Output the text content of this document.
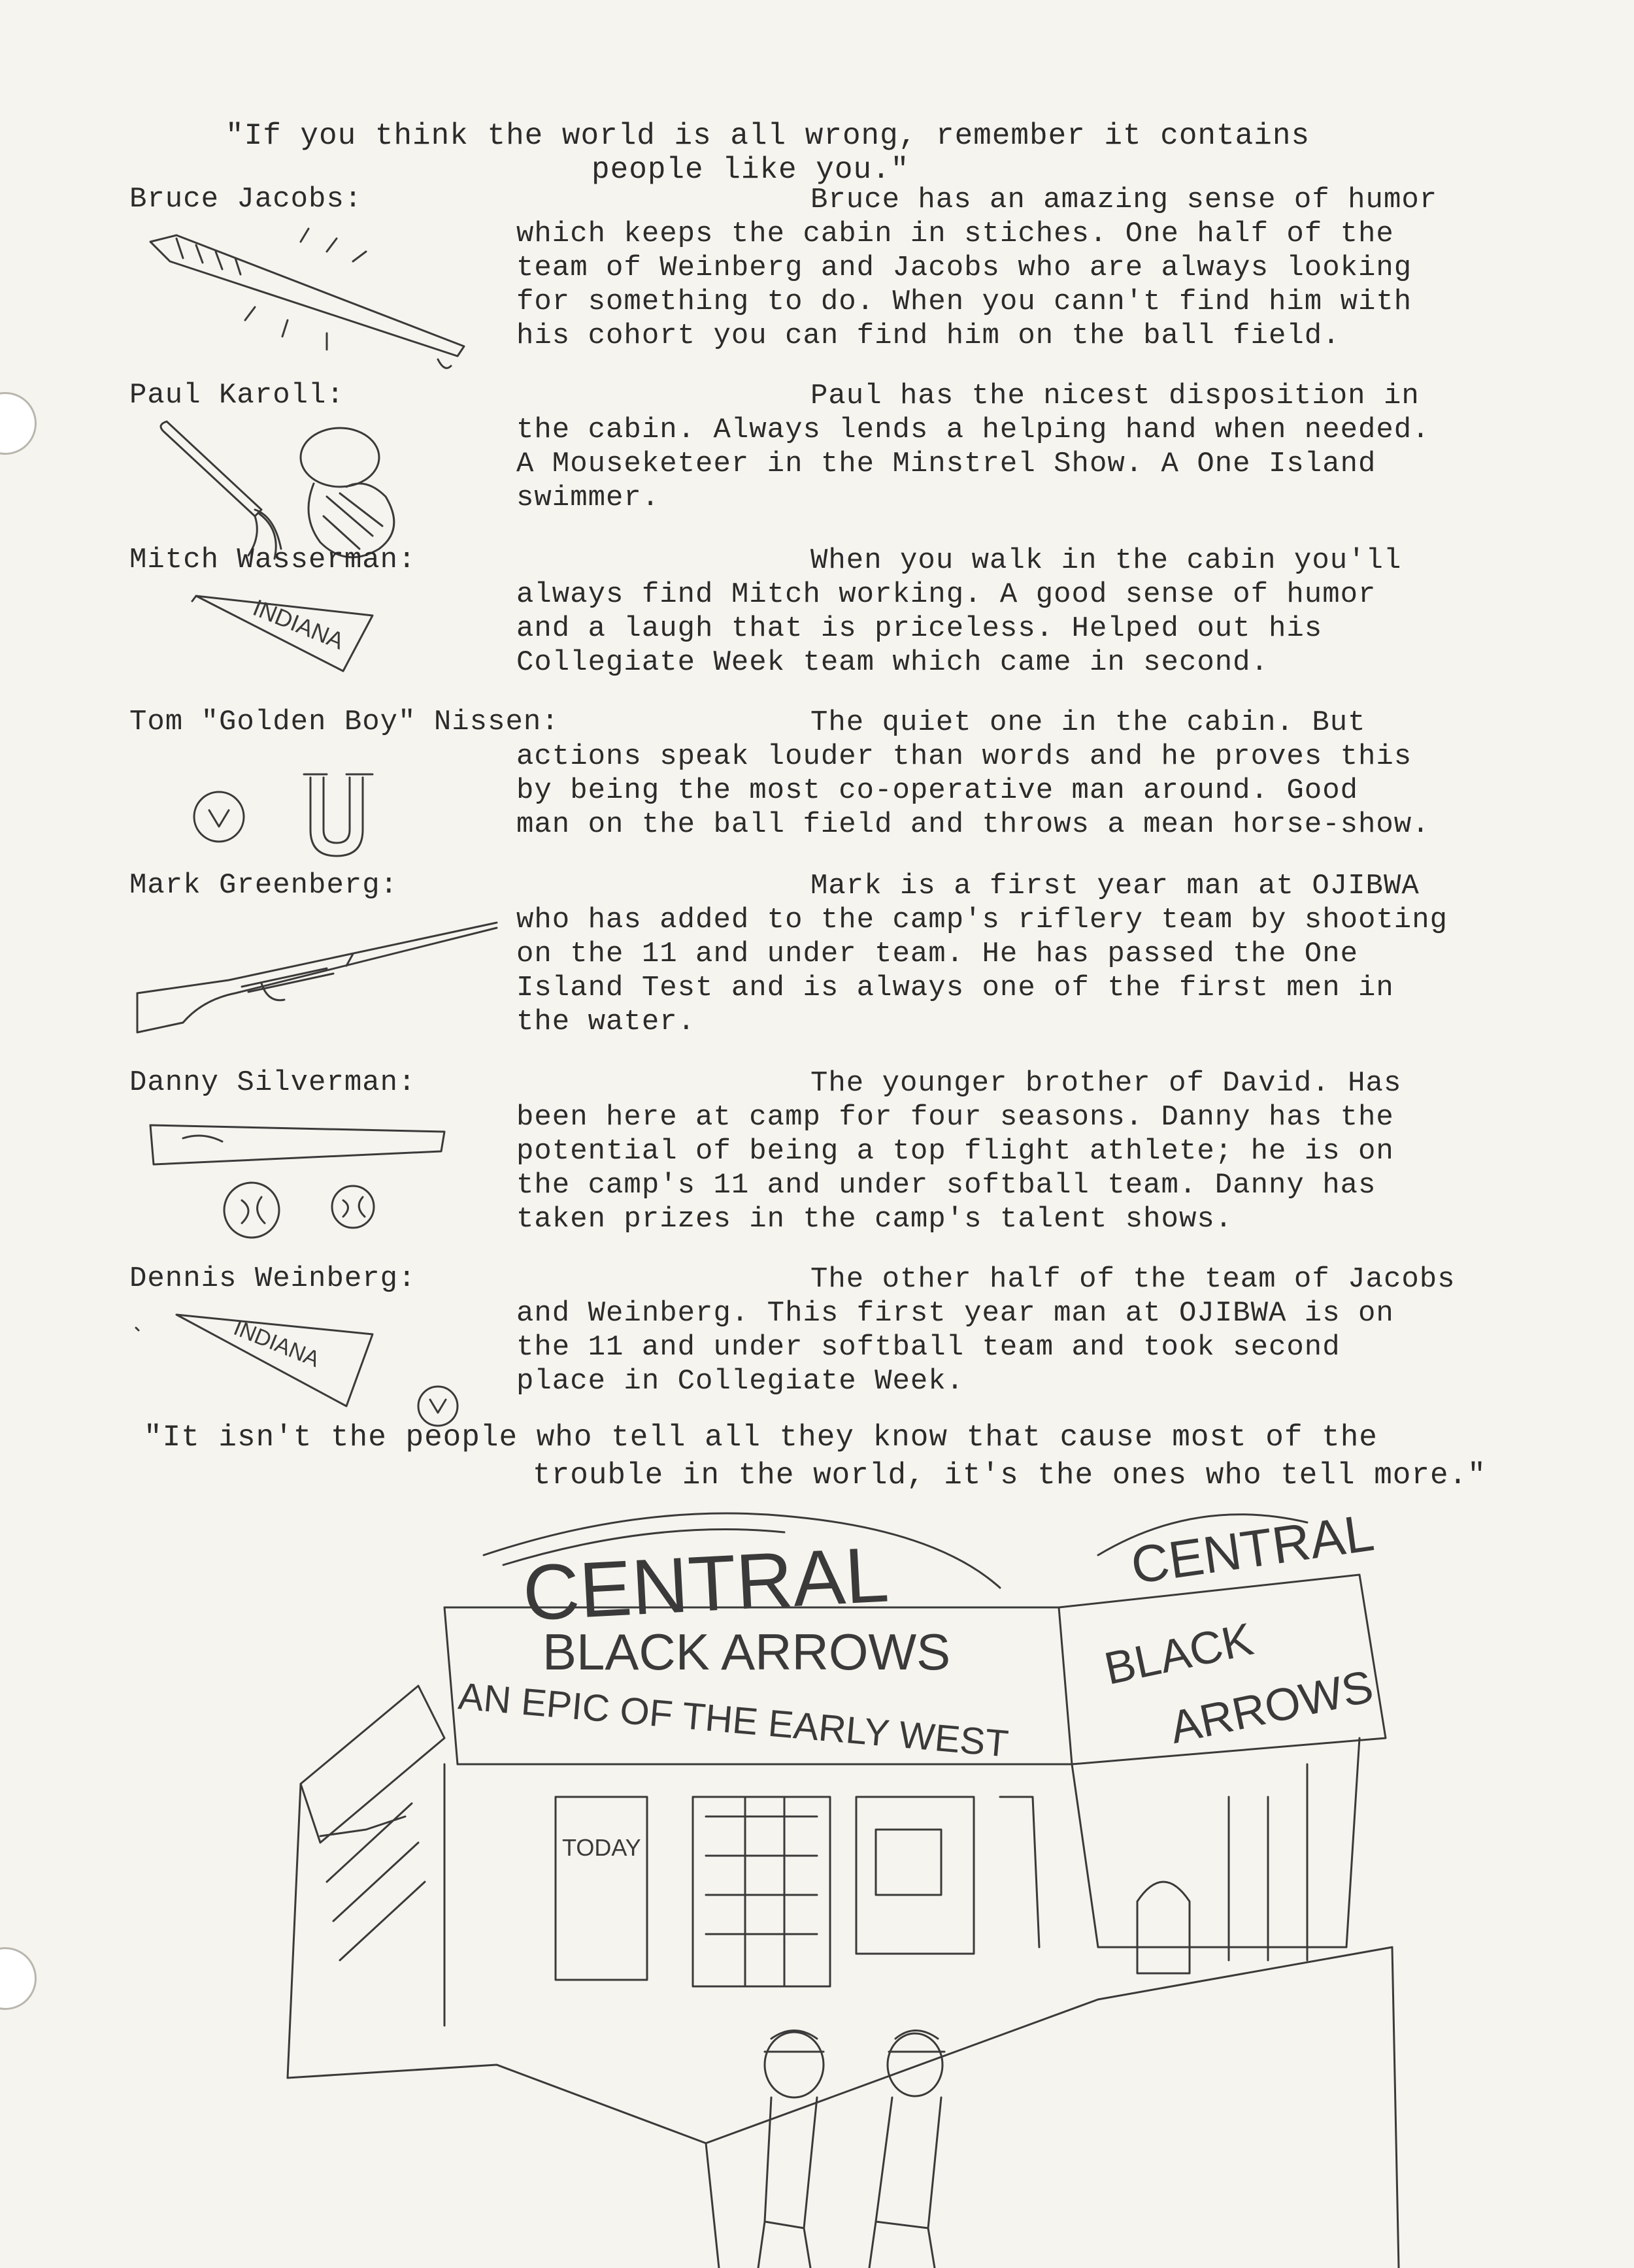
"If you think the world is all wrong, remember it contains
people like you."
Bruce Jacobs:	Bruce has an amazing sense of humor
which keeps the cabin in stiches. One half of the
team of Weinberg and Jacobs who are always looking
for something to do. When you cann't find him with
his cohort you can find him on the ball field.
Paul Karoll:	Paul has the nicest disposition in
the cabin. Always lends a helping hand when needed.
A Mouseketeer in the Minstrel Show. A One Island
swimmer.
Mitch Wasserman:	When you walk in the cabin you'll
always find Mitch working. A good sense of humor
and a laugh that is priceless. Helped out his
Collegiate Week team which came in second.
INDIANA
Tom "Golden Boy" Nissen:	The quiet one in the cabin. But
actions speak louder than words and he proves this
by being the most co-operative man around. Good
man on the ball field and throws a mean horse-show.
Mark Greenberg:	Mark is a first year man at OJIBWA
who has added to the camp's riflery team by shooting
on the 11 and under team. He has passed the One
Island Test and is always one of the first men in
the water.
Danny Silverman:	The younger brother of David. Has
been here at camp for four seasons. Danny has the
potential of being a top flight athlete; he is on
the camp's 11 and under softball team. Danny has
taken prizes in the camp's talent shows.
Dennis Weinberg:	The other half of the team of Jacobs
and Weinberg. This first year man at OJIBWA is on
the 11 and under softball team and took second
place in Collegiate Week.
INDIANA
"It isn't the people who tell all they know that cause most of the
trouble in the world, it's the ones who tell more."
CENTRAL	CENTRAL
BLACK ARROWS
AN EPIC OF THE EARLY WEST
BLACK
ARROWS
TODAY
